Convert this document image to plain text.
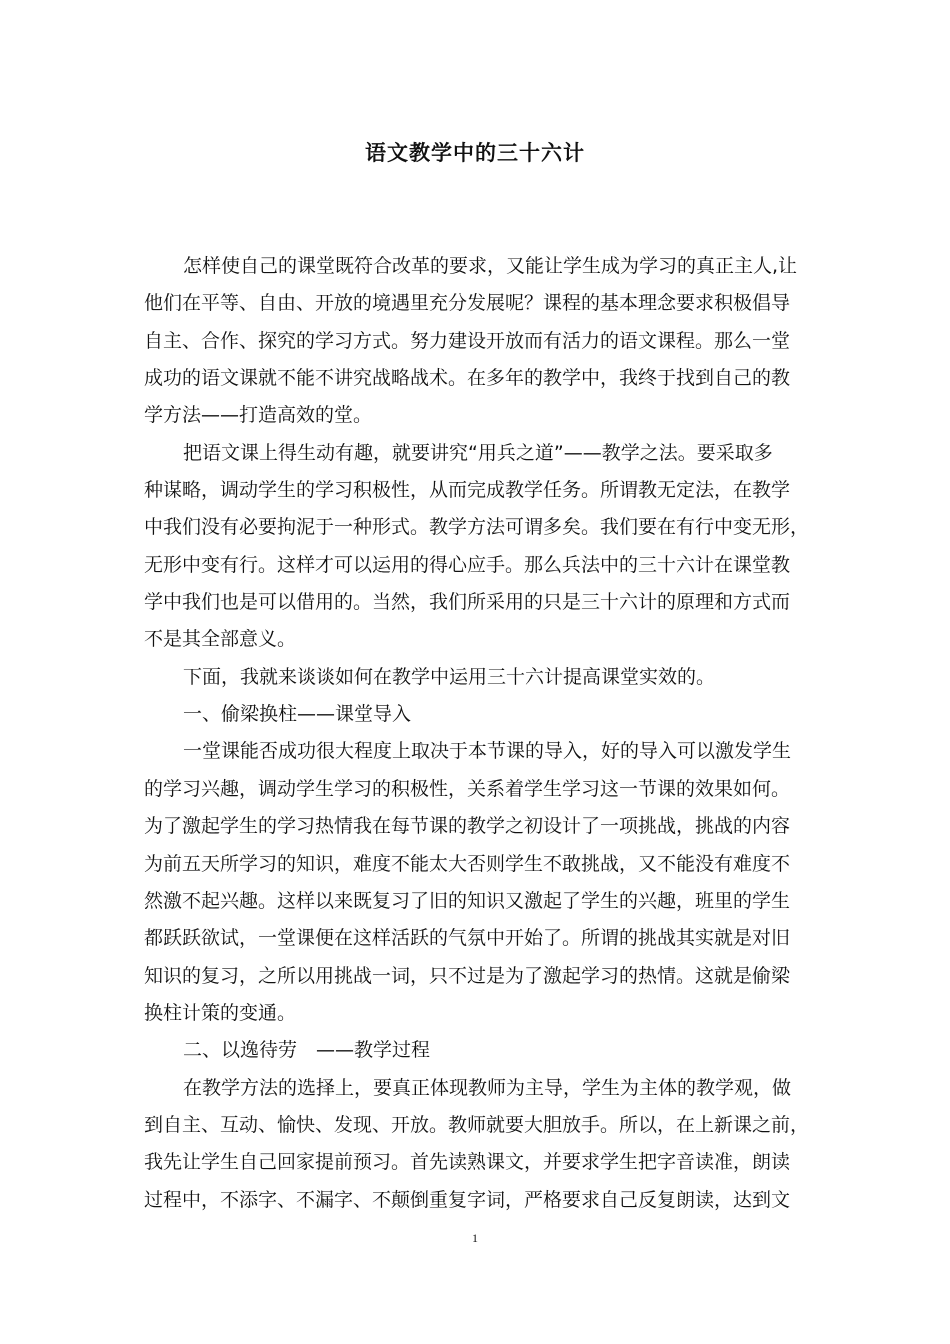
语文教学中的三十六计
怎样使自己的课堂既符合改革的要求，又能让学生成为学习的真正主人,让
他们在平等、自由、开放的境遇里充分发展呢？课程的基本理念要求积极倡导
自主、合作、探究的学习方式。努力建设开放而有活力的语文课程。那么一堂
成功的语文课就不能不讲究战略战术。在多年的教学中，我终于找到自己的教
学方法——打造高效的堂。
把语文课上得生动有趣，就要讲究“用兵之道”——教学之法。要采取多
种谋略，调动学生的学习积极性，从而完成教学任务。所谓教无定法，在教学
中我们没有必要拘泥于一种形式。教学方法可谓多矣。我们要在有行中变无形，
无形中变有行。这样才可以运用的得心应手。那么兵法中的三十六计在课堂教
学中我们也是可以借用的。当然，我们所采用的只是三十六计的原理和方式而
不是其全部意义。
下面，我就来谈谈如何在教学中运用三十六计提高课堂实效的。
一、偷梁换柱——课堂导入
一堂课能否成功很大程度上取决于本节课的导入，好的导入可以激发学生
的学习兴趣，调动学生学习的积极性，关系着学生学习这一节课的效果如何。
为了激起学生的学习热情我在每节课的教学之初设计了一项挑战，挑战的内容
为前五天所学习的知识，难度不能太大否则学生不敢挑战，又不能没有难度不
然激不起兴趣。这样以来既复习了旧的知识又激起了学生的兴趣，班里的学生
都跃跃欲试，一堂课便在这样活跃的气氛中开始了。所谓的挑战其实就是对旧
知识的复习，之所以用挑战一词，只不过是为了激起学习的热情。这就是偷梁
换柱计策的变通。
二、以逸待劳　——教学过程
在教学方法的选择上，要真正体现教师为主导，学生为主体的教学观，做
到自主、互动、愉快、发现、开放。教师就要大胆放手。所以，在上新课之前，
我先让学生自己回家提前预习。首先读熟课文，并要求学生把字音读准，朗读
过程中，不添字、不漏字、不颠倒重复字词，严格要求自己反复朗读，达到文
1
